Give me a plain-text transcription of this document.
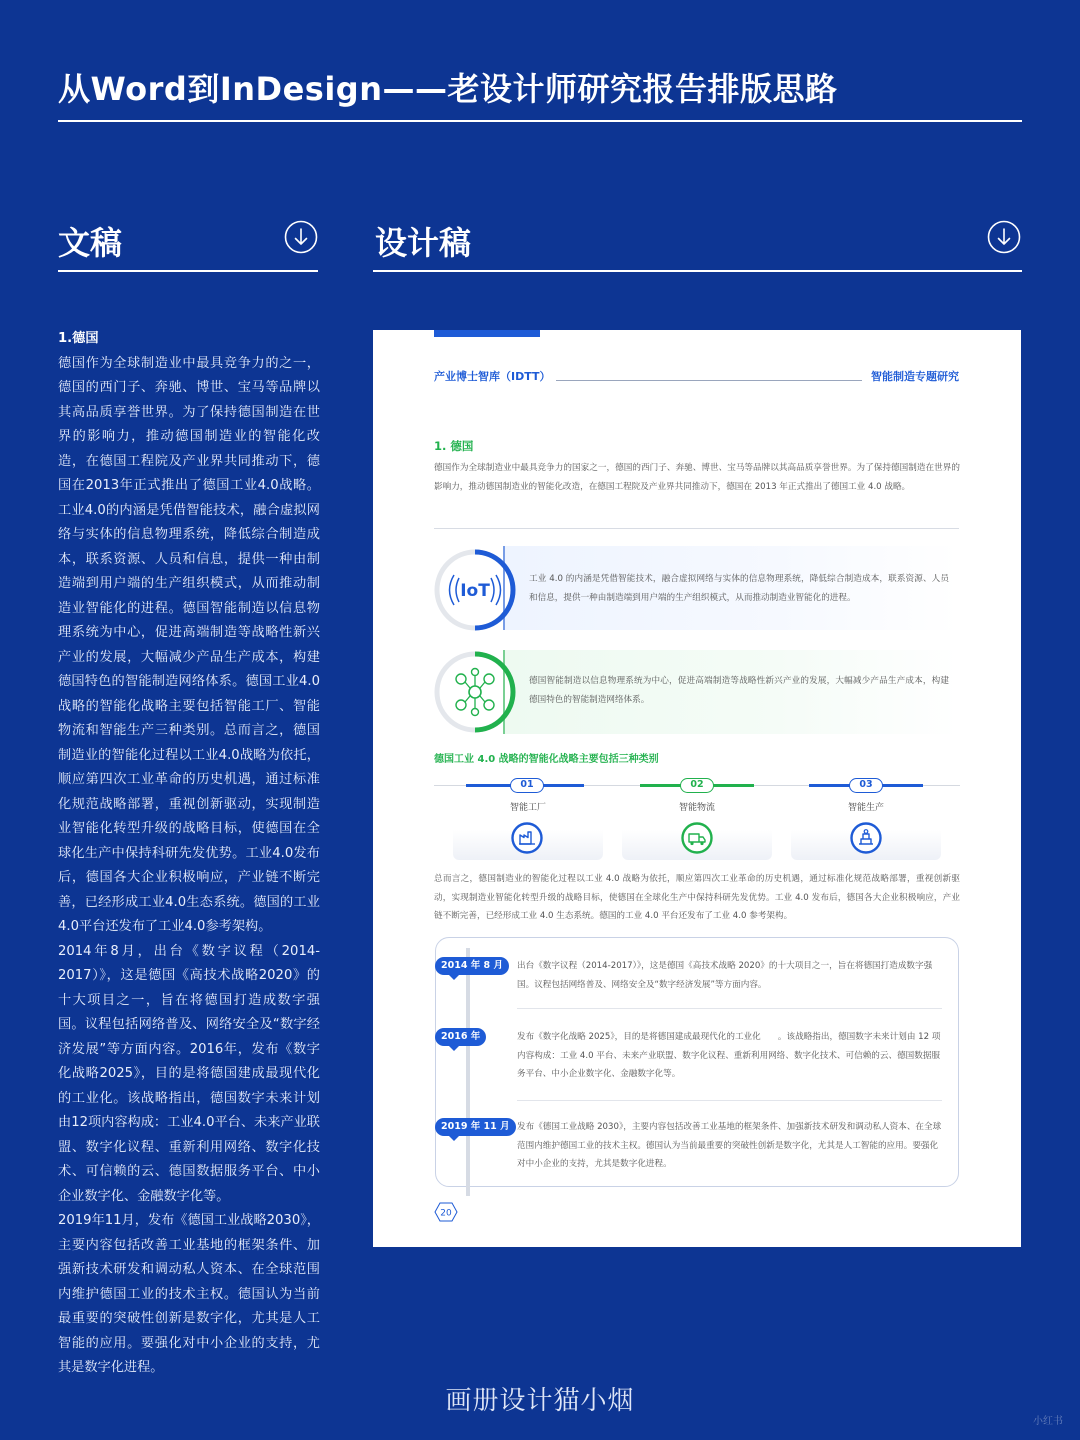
从Word到InDesign——老设计师研究报告排版思路
文稿	设计稿

1.德国

德国作为全球制造业中最具竞争力的之一，德国的西门子、奔驰、博世、宝马等品牌以其高品质享誉世界。为了保持德国制造在世界的影响力，推动德国制造业的智能化改造，在德国工程院及产业界共同推动下，德国在2013年正式推出了德国工业4.0战略。工业4.0的内涵是凭借智能技术，融合虚拟网络与实体的信息物理系统，降低综合制造成本，联系资源、人员和信息，提供一种由制造端到用户端的生产组织模式，从而推动制造业智能化的进程。德国智能制造以信息物理系统为中心，促进高端制造等战略性新兴产业的发展，大幅减少产品生产成本，构建德国特色的智能制造网络体系。德国工业4.0战略的智能化战略主要包括智能工厂、智能物流和智能生产三种类别。总而言之，德国制造业的智能化过程以工业4.0战略为依托，顺应第四次工业革命的历史机遇，通过标准化规范战略部署，重视创新驱动，实现制造业智能化转型升级的战略目标，使德国在全球化生产中保持科研先发优势。工业4.0发布后，德国各大企业积极响应，产业链不断完善，已经形成工业4.0生态系统。德国的工业4.0平台还发布了工业4.0参考架构。

2014年8月，出台《数字议程（2014-2017）》，这是德国《高技术战略2020》的十大项目之一，旨在将德国打造成数字强国。议程包括网络普及、网络安全及“数字经济发展”等方面内容。2016年，发布《数字化战略2025》，目的是将德国建成最现代化的工业化。该战略指出，德国数字未来计划由12项内容构成：工业4.0平台、未来产业联盟、数字化议程、重新利用网络、数字化技术、可信赖的云、德国数据服务平台、中小企业数字化、金融数字化等。

2019年11月，发布《德国工业战略2030》，主要内容包括改善工业基地的框架条件、加强新技术研发和调动私人资本、在全球范围内维护德国工业的技术主权。德国认为当前最重要的突破性创新是数字化，尤其是人工智能的应用。要强化对中小企业的支持，尤其是数字化进程。

产业博士智库（IDTT）	智能制造专题研究
1. 德国
德国作为全球制造业中最具竞争力的国家之一，德国的西门子、奔驰、博世、宝马等品牌以其高品质享誉世界。为了保持德国制造在世界的影响力，推动德国制造业的智能化改造，在德国工程院及产业界共同推动下，德国在 2013 年正式推出了德国工业 4.0 战略。
IoT
工业 4.0 的内涵是凭借智能技术，融合虚拟网络与实体的信息物理系统，降低综合制造成本，联系资源、人员和信息，提供一种由制造端到用户端的生产组织模式，从而推动制造业智能化的进程。
德国智能制造以信息物理系统为中心，促进高端制造等战略性新兴产业的发展，大幅减少产品生产成本，构建德国特色的智能制造网络体系。
德国工业 4.0 战略的智能化战略主要包括三种类别
01
智能工厂
02
智能物流
03
智能生产
总而言之，德国制造业的智能化过程以工业 4.0 战略为依托，顺应第四次工业革命的历史机遇，通过标准化规范战略部署，重视创新驱动，实现制造业智能化转型升级的战略目标，使德国在全球化生产中保持科研先发优势。工业 4.0 发布后，德国各大企业积极响应，产业链不断完善，已经形成工业 4.0 生态系统。德国的工业 4.0 平台还发布了工业 4.0 参考架构。
2014 年 8 月	出台《数字议程（2014-2017）》，这是德国《高技术战略 2020》的十大项目之一，旨在将德国打造成数字强国。议程包括网络普及、网络安全及“数字经济发展”等方面内容。
2016 年	发布《数字化战略 2025》，目的是将德国建成最现代化的工业化　　。该战略指出，德国数字未来计划由 12 项内容构成：工业 4.0 平台、未来产业联盟、数字化议程、重新利用网络、数字化技术、可信赖的云、德国数据服务平台、中小企业数字化、金融数字化等。
2019 年 11 月 发布《德国工业战略 2030》，主要内容包括改善工业基地的框架条件、加强新技术研发和调动私人资本、在全球范围内维护德国工业的技术主权。德国认为当前最重要的突破性创新是数字化，尤其是人工智能的应用。要强化对中小企业的支持，尤其是数字化进程。
20
画册设计猫小烟
小红书
